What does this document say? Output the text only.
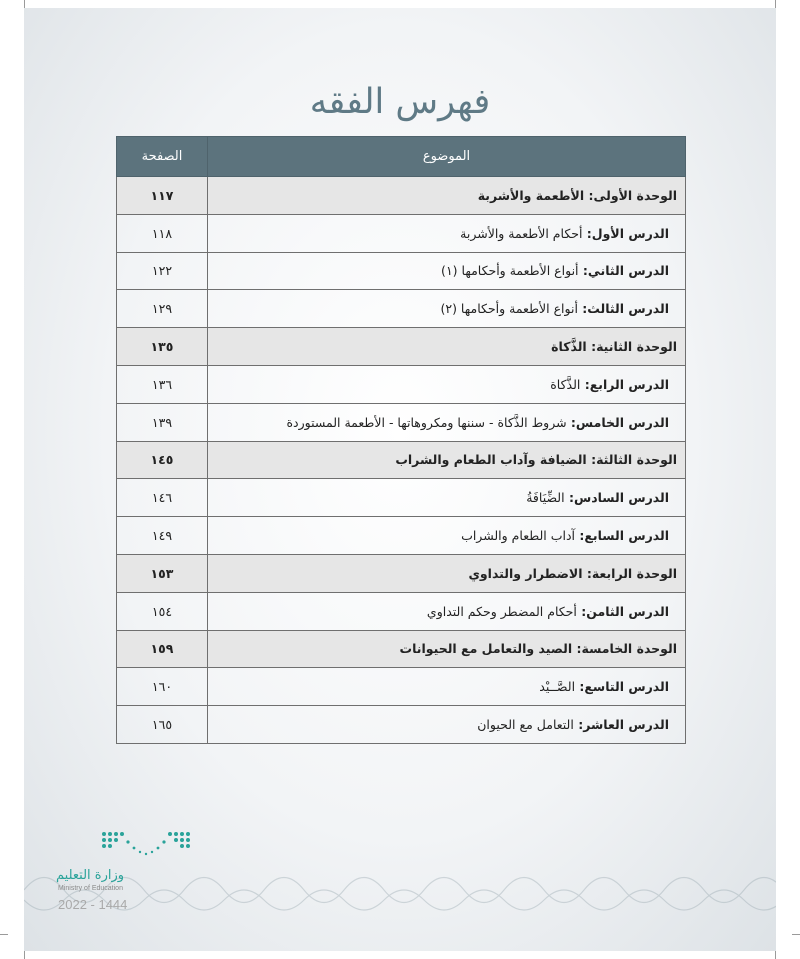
فهرس الفقه
الموضوع	الصفحة
الوحدة الأولى: الأطعمة والأشربة	١١٧
الدرس الأول: أحكام الأطعمة والأشربة	١١٨
الدرس الثاني: أنواع الأطعمة وأحكامها (١)	١٢٢
الدرس الثالث: أنواع الأطعمة وأحكامها (٢)	١٢٩
الوحدة الثانية: الذَّكاة	١٣٥
الدرس الرابع: الذَّكاة	١٣٦
الدرس الخامس: شروط الذَّكاة - سننها ومكروهاتها - الأطعمة المستوردة	١٣٩
الوحدة الثالثة: الضيافة وآداب الطعام والشراب	١٤٥
الدرس السادس: الضِّيَافَةُ	١٤٦
الدرس السابع: آداب الطعام والشراب	١٤٩
الوحدة الرابعة: الاضطرار والتداوي	١٥٣
الدرس الثامن: أحكام المضطر وحكم التداوي	١٥٤
الوحدة الخامسة: الصيد والتعامل مع الحيوانات	١٥٩
الدرس التاسع: الصَّــيْد	١٦٠
الدرس العاشر: التعامل مع الحيوان	١٦٥
وزارة التعليم
Ministry of Education
2022 - 1444
